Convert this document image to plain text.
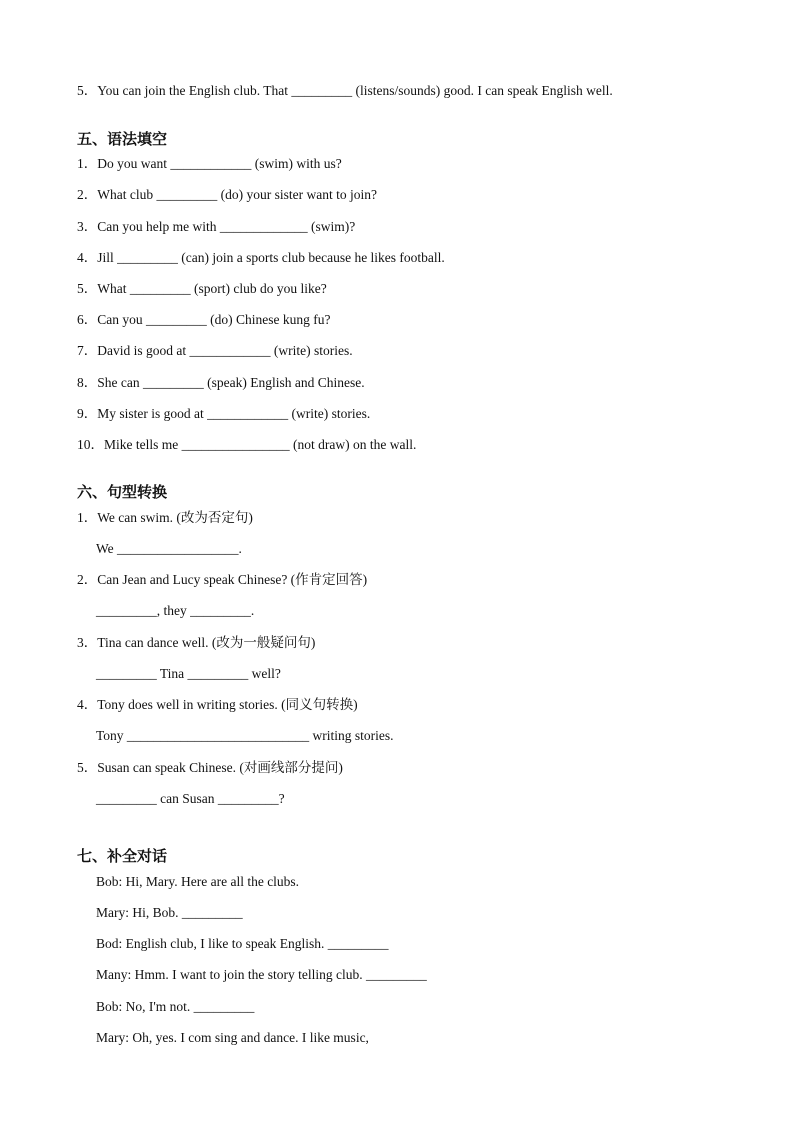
5．You can join the English club. That _________ (listens/sounds) good. I can speak English well.
五、语法填空
1．Do you want ____________ (swim) with us?
2．What club _________ (do) your sister want to join?
3．Can you help me with _____________ (swim)?
4．Jill _________ (can) join a sports club because he likes football.
5．What _________ (sport) club do you like?
6．Can you _________ (do) Chinese kung fu?
7．David is good at ____________ (write) stories.
8．She can _________ (speak) English and Chinese.
9．My sister is good at ____________ (write) stories.
10．Mike tells me ________________ (not draw) on the wall.
六、句型转换
1．We can swim. (改为否定句)
We __________________.
2．Can Jean and Lucy speak Chinese? (作肯定回答)
_________, they _________.
3．Tina can dance well. (改为一般疑问句)
_________ Tina _________ well?
4．Tony does well in writing stories. (同义句转换)
Tony ___________________________ writing stories.
5．Susan can speak Chinese. (对画线部分提问)
_________ can Susan _________?
七、补全对话
Bob: Hi, Mary. Here are all the clubs.
Mary: Hi, Bob. _________
Bod: English club, I like to speak English. _________
Many: Hmm. I want to join the story telling club. _________
Bob: No, I'm not. _________
Mary: Oh, yes. I com sing and dance. I like music,
